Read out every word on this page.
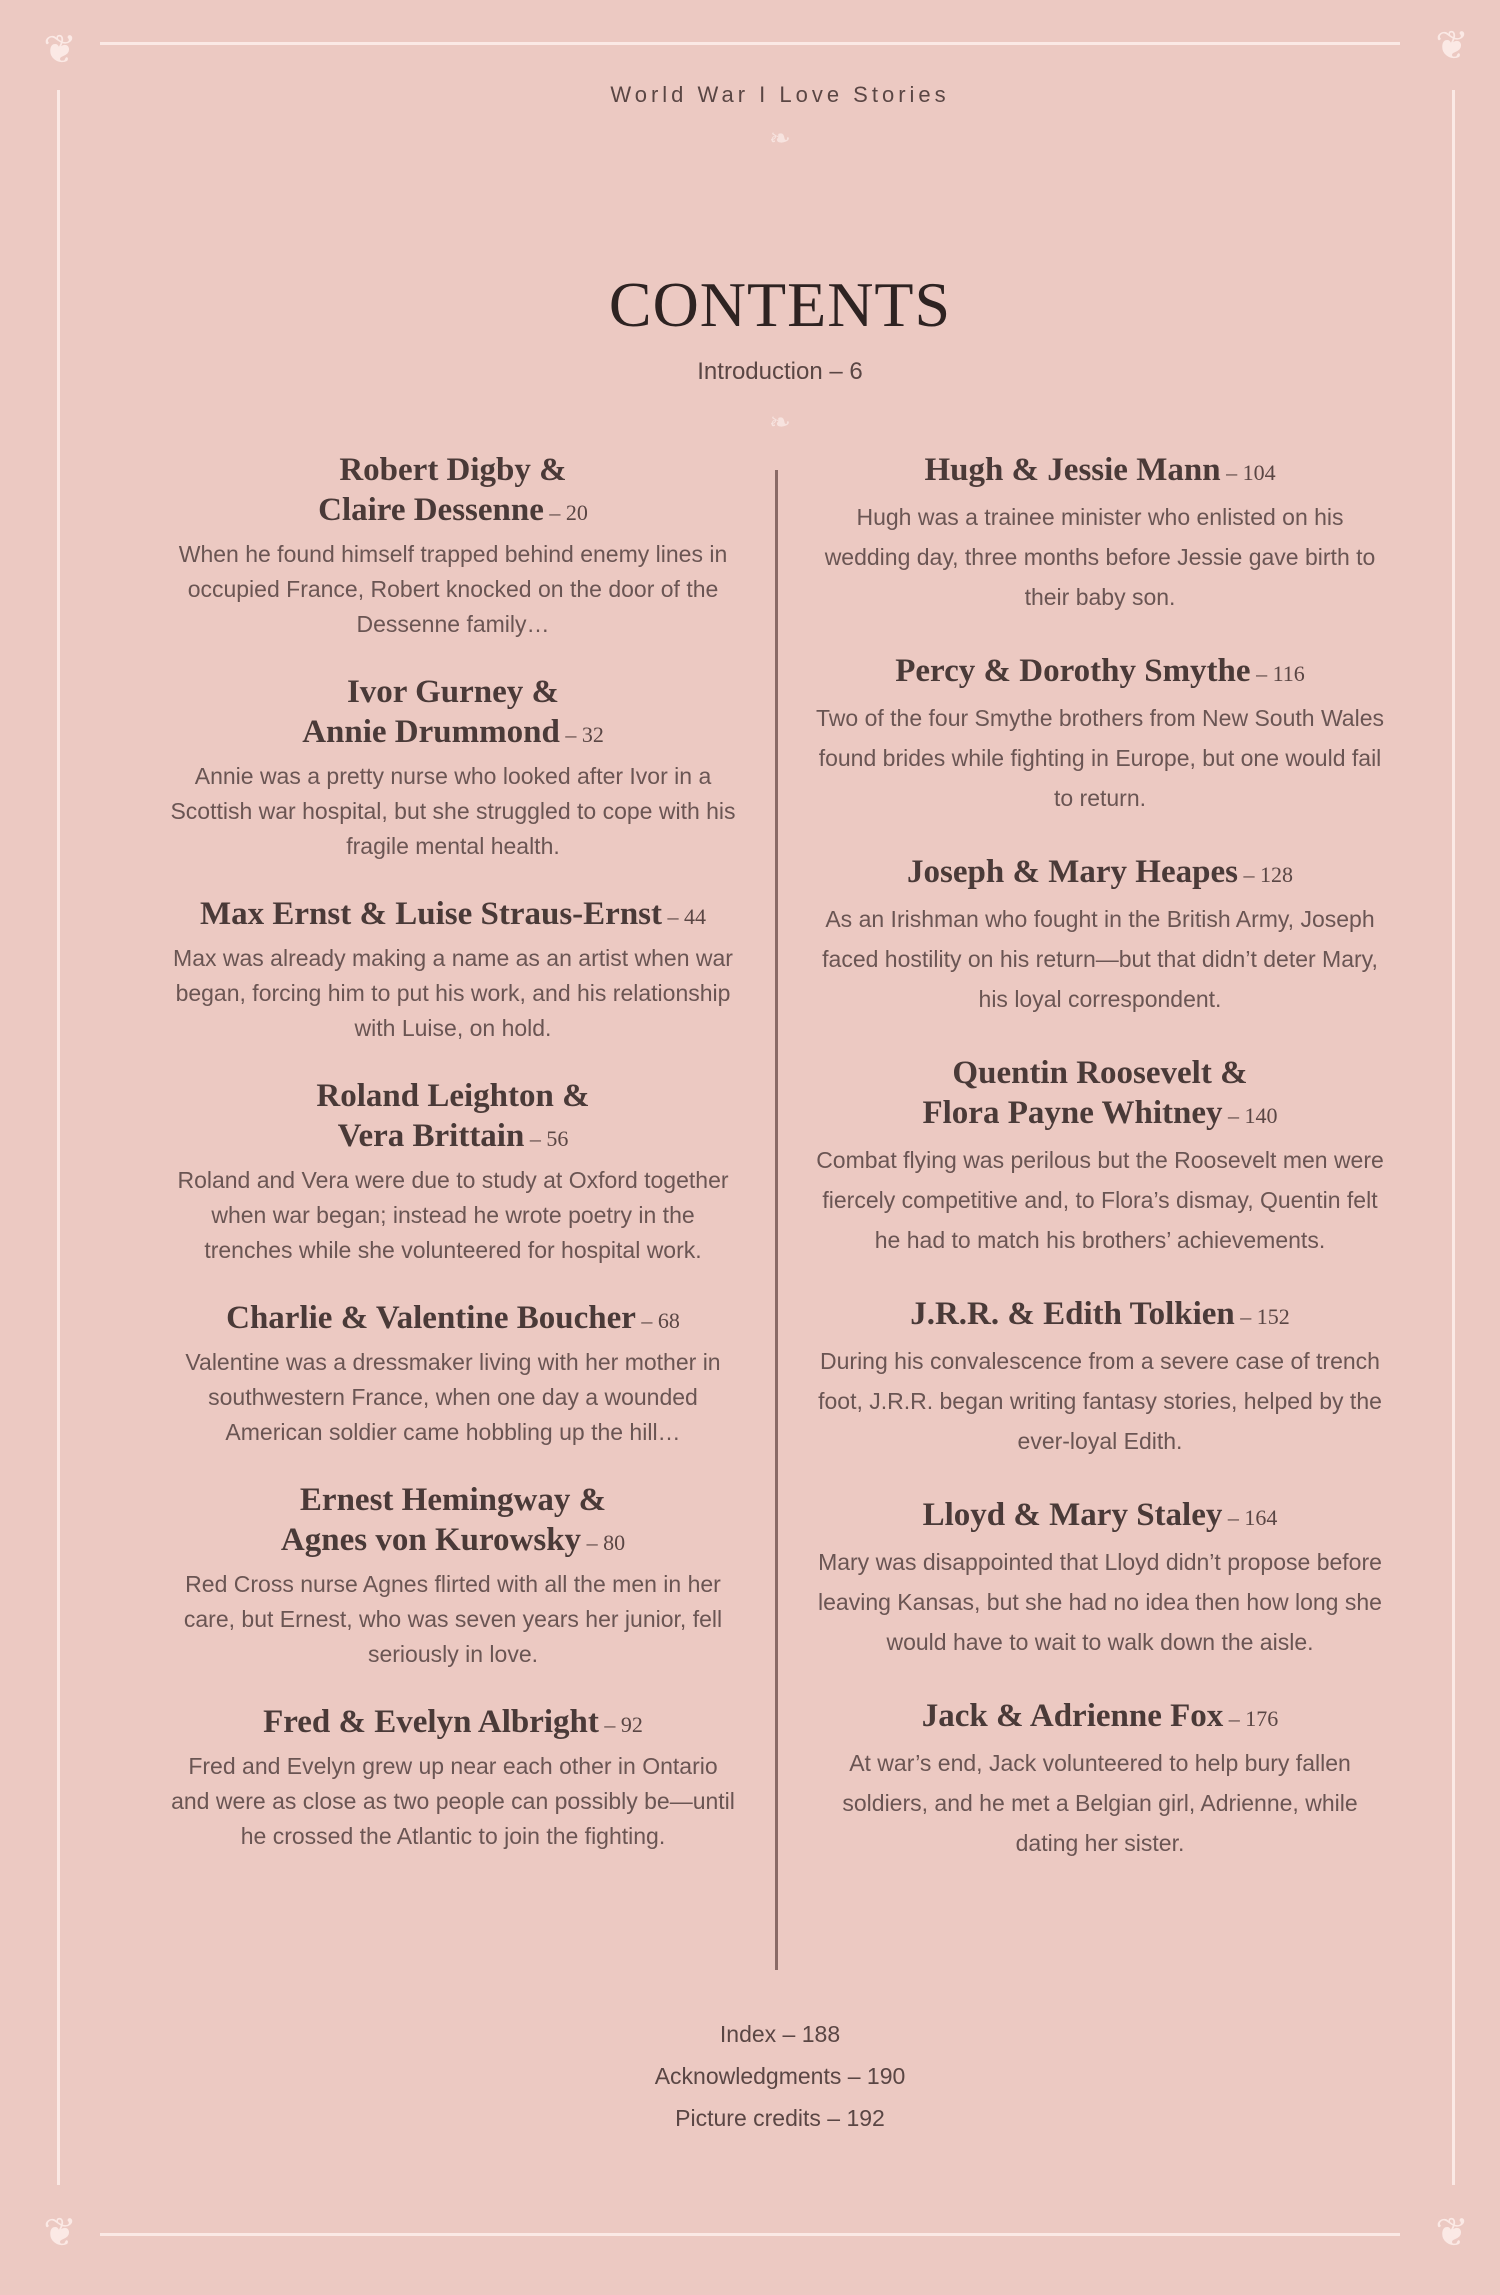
❦	❦
❦	❦
World War I Love Stories
❧
CONTENTS
Introduction – 6
❧
Robert Digby &
Claire Dessenne – 20

When he found himself trapped behind enemy lines in occupied France, Robert knocked on the door of the Dessenne family…

Ivor Gurney &
Annie Drummond – 32

Annie was a pretty nurse who looked after Ivor in a Scottish war hospital, but she struggled to cope with his fragile mental health.

Max Ernst & Luise Straus-Ernst – 44

Max was already making a name as an artist when war began, forcing him to put his work, and his relationship with Luise, on hold.

Roland Leighton &
Vera Brittain – 56

Roland and Vera were due to study at Oxford together when war began; instead he wrote poetry in the trenches while she volunteered for hospital work.

Charlie & Valentine Boucher – 68

Valentine was a dressmaker living with her mother in southwestern France, when one day a wounded American soldier came hobbling up the hill…

Ernest Hemingway &
Agnes von Kurowsky – 80

Red Cross nurse Agnes flirted with all the men in her care, but Ernest, who was seven years her junior, fell seriously in love.

Fred & Evelyn Albright – 92

Fred and Evelyn grew up near each other in Ontario and were as close as two people can possibly be—until he crossed the Atlantic to join the fighting.

Hugh & Jessie Mann – 104

Hugh was a trainee minister who enlisted on his wedding day, three months before Jessie gave birth to their baby son.

Percy & Dorothy Smythe – 116

Two of the four Smythe brothers from New South Wales found brides while fighting in Europe, but one would fail to return.

Joseph & Mary Heapes – 128

As an Irishman who fought in the British Army, Joseph faced hostility on his return—but that didn’t deter Mary, his loyal correspondent.

Quentin Roosevelt &
Flora Payne Whitney – 140

Combat flying was perilous but the Roosevelt men were fiercely competitive and, to Flora’s dismay, Quentin felt he had to match his brothers’ achievements.

J.R.R. & Edith Tolkien – 152

During his convalescence from a severe case of trench foot, J.R.R. began writing fantasy stories, helped by the ever-loyal Edith.

Lloyd & Mary Staley – 164

Mary was disappointed that Lloyd didn’t propose before leaving Kansas, but she had no idea then how long she would have to wait to walk down the aisle.

Jack & Adrienne Fox – 176

At war’s end, Jack volunteered to help bury fallen soldiers, and he met a Belgian girl, Adrienne, while dating her sister.

Index – 188
Acknowledgments – 190
Picture credits – 192
